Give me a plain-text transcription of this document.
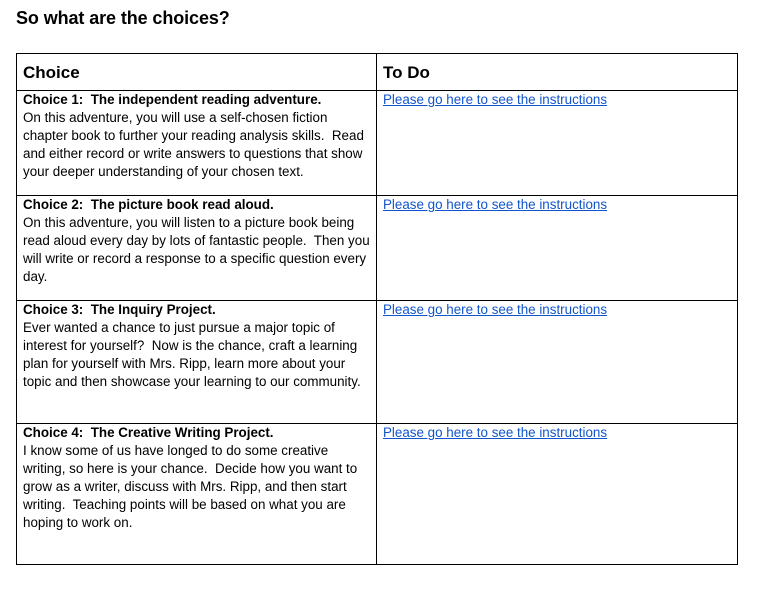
So what are the choices?
Choice	To Do

Choice 1:  The independent reading adventure.
On this adventure, you will use a self-chosen fiction chapter book to further your reading analysis skills.  Read and either record or write answers to questions that show your deeper understanding of your chosen text.	Please go here to see the instructions

Choice 2:  The picture book read aloud.
On this adventure, you will listen to a picture book being read aloud every day by lots of fantastic people.  Then you will write or record a response to a specific question every day.	Please go here to see the instructions

Choice 3:  The Inquiry Project.
Ever wanted a chance to just pursue a major topic of interest for yourself?  Now is the chance, craft a learning plan for yourself with Mrs. Ripp, learn more about your topic and then showcase your learning to our community.	Please go here to see the instructions

Choice 4:  The Creative Writing Project.
I know some of us have longed to do some creative writing, so here is your chance.  Decide how you want to grow as a writer, discuss with Mrs. Ripp, and then start writing.  Teaching points will be based on what you are hoping to work on.	Please go here to see the instructions
